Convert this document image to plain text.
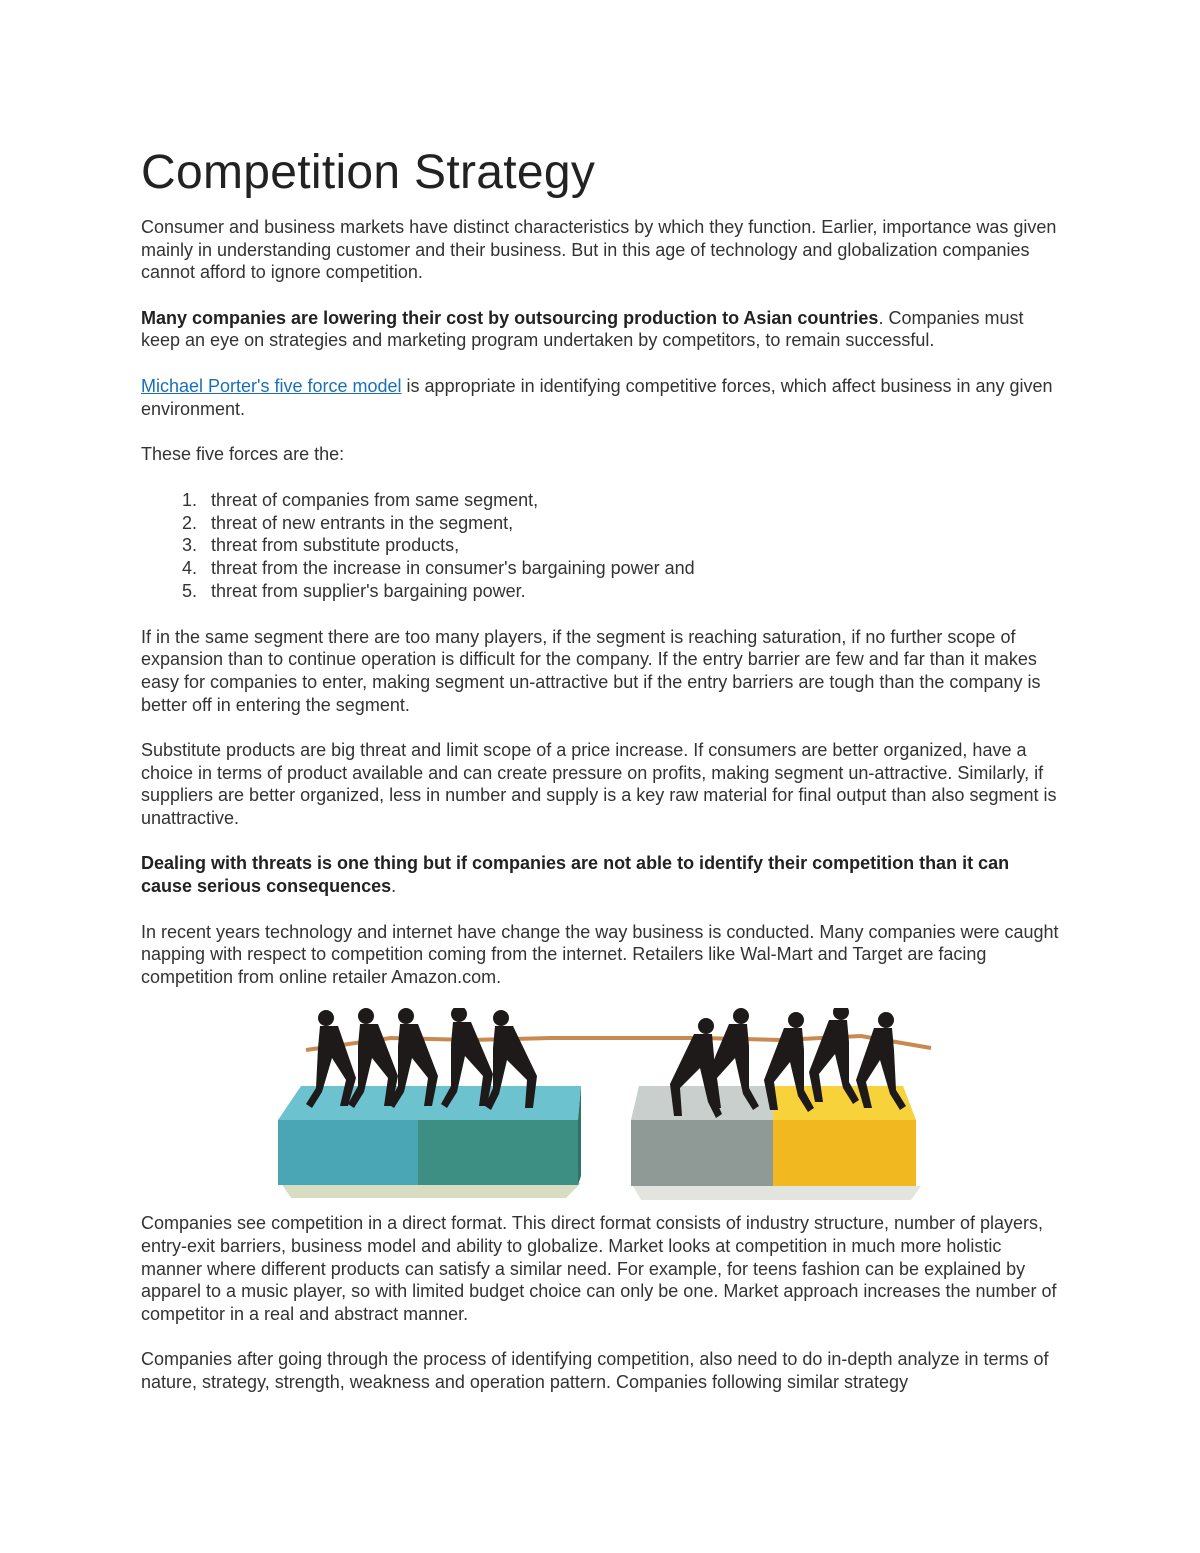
Competition Strategy

Consumer and business markets have distinct characteristics by which they function. Earlier, importance was given mainly in understanding customer and their business. But in this age of technology and globalization companies cannot afford to ignore competition.

Many companies are lowering their cost by outsourcing production to Asian countries. Companies must keep an eye on strategies and marketing program undertaken by competitors, to remain successful.

Michael Porter's five force model is appropriate in identifying competitive forces, which affect business in any given environment.

These five forces are the:

1. threat of companies from same segment,
2. threat of new entrants in the segment,
3. threat from substitute products,
4. threat from the increase in consumer's bargaining power and
5. threat from supplier's bargaining power.

If in the same segment there are too many players, if the segment is reaching saturation, if no further scope of expansion than to continue operation is difficult for the company. If the entry barrier are few and far than it makes easy for companies to enter, making segment un-attractive but if the entry barriers are tough than the company is better off in entering the segment.

Substitute products are big threat and limit scope of a price increase. If consumers are better organized, have a choice in terms of product available and can create pressure on profits, making segment un-attractive. Similarly, if suppliers are better organized, less in number and supply is a key raw material for final output than also segment is unattractive.

Dealing with threats is one thing but if companies are not able to identify their competition than it can cause serious consequences.

In recent years technology and internet have change the way business is conducted. Many companies were caught napping with respect to competition coming from the internet. Retailers like Wal-Mart and Target are facing competition from online retailer Amazon.com.

Companies see competition in a direct format. This direct format consists of industry structure, number of players, entry-exit barriers, business model and ability to globalize. Market looks at competition in much more holistic manner where different products can satisfy a similar need. For example, for teens fashion can be explained by apparel to a music player, so with limited budget choice can only be one. Market approach increases the number of competitor in a real and abstract manner.

Companies after going through the process of identifying competition, also need to do in-depth analyze in terms of nature, strategy, strength, weakness and operation pattern. Companies following similar strategy
